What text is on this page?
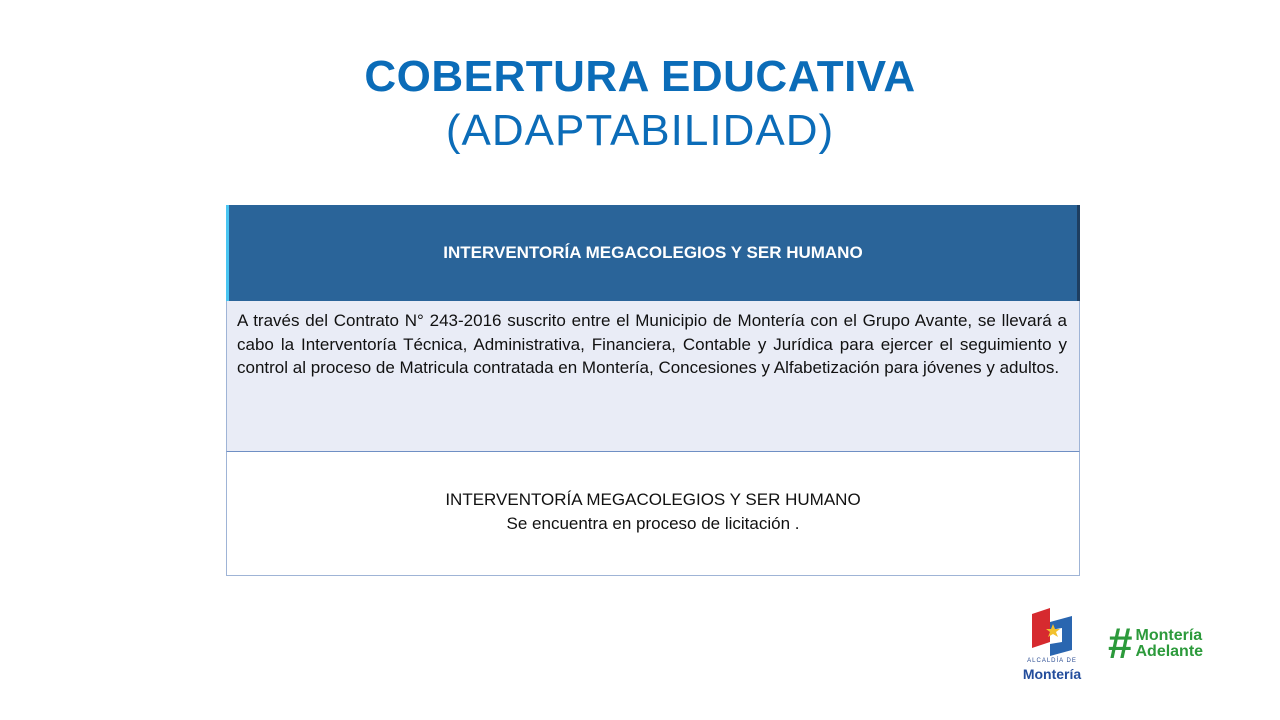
COBERTURA EDUCATIVA
(ADAPTABILIDAD)
INTERVENTORÍA MEGACOLEGIOS Y SER HUMANO
A través del Contrato N° 243-2016 suscrito entre el Municipio de Montería con el Grupo Avante, se llevará a cabo la Interventoría Técnica, Administrativa, Financiera, Contable y Jurídica para ejercer el seguimiento y control al proceso de Matricula contratada en Montería, Concesiones y Alfabetización para jóvenes y adultos.
INTERVENTORÍA MEGACOLEGIOS Y SER HUMANO
Se encuentra en proceso de licitación .
ALCALDÍA DE
Montería
# Montería
Adelante
